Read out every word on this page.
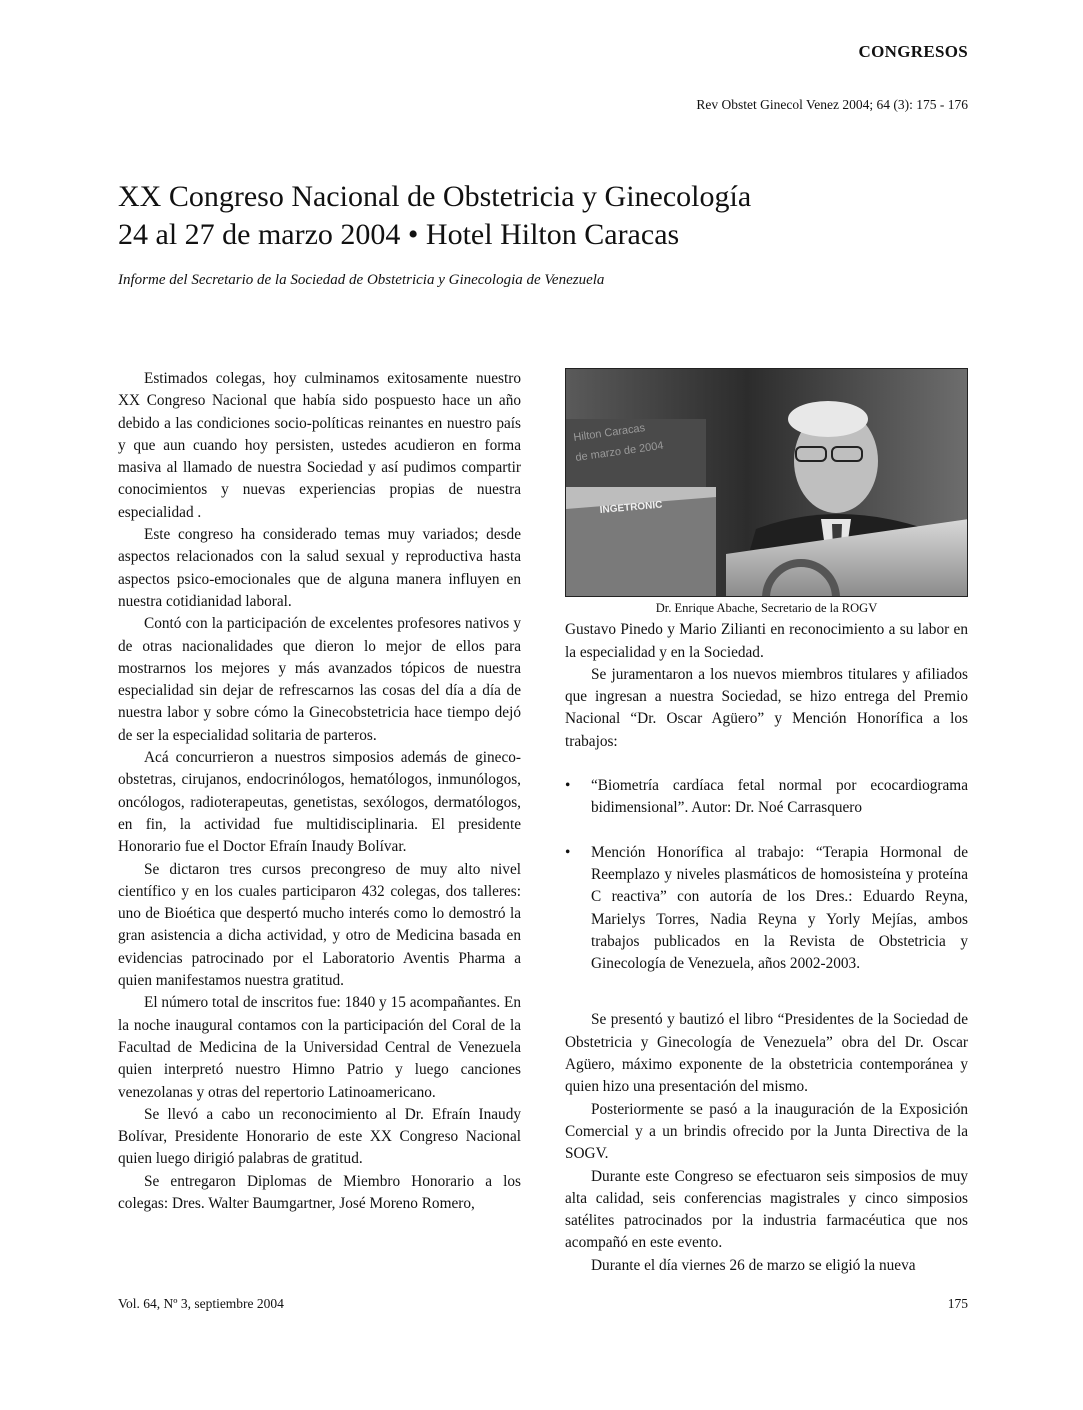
CONGRESOS
Rev Obstet Ginecol Venez 2004; 64 (3): 175 - 176
XX Congreso Nacional de Obstetricia y Ginecología
24 al 27 de marzo 2004 • Hotel Hilton Caracas
Informe del Secretario de la Sociedad de Obstetricia y Ginecologia de Venezuela

Estimados colegas, hoy culminamos exitosamente nuestro XX Congreso Nacional que había sido pospuesto hace un año debido a las condiciones socio-políticas reinantes en nuestro país y que aun cuando hoy persisten, ustedes acudieron en forma masiva al llamado de nuestra Sociedad y así pudimos compartir conocimientos y nuevas experiencias propias de nuestra especialidad .

Este congreso ha considerado temas muy variados; desde aspectos relacionados con la salud sexual y reproductiva hasta aspectos psico-emocionales que de alguna manera influyen en nuestra cotidianidad laboral.

Contó con la participación de excelentes profesores nativos y de otras nacionalidades que dieron lo mejor de ellos para mostrarnos los mejores y más avanzados tópicos de nuestra especialidad sin dejar de refrescarnos las cosas del día a día de nuestra labor y sobre cómo la Ginecobstetricia hace tiempo dejó de ser la especialidad solitaria de parteros.

Acá concurrieron a nuestros simposios además de gineco-obstetras, cirujanos, endocrinólogos, hematólogos, inmunólogos, oncólogos, radioterapeutas, genetistas, sexólogos, dermatólogos, en fin, la actividad fue multidisciplinaria. El presidente Honorario fue el Doctor Efraín Inaudy Bolívar.

Se dictaron tres cursos precongreso de muy alto nivel científico y en los cuales participaron 432 colegas, dos talleres: uno de Bioética que despertó mucho interés como lo demostró la gran asistencia a dicha actividad, y otro de Medicina basada en evidencias patrocinado por el Laboratorio Aventis Pharma a quien manifestamos nuestra gratitud.

El número total de inscritos fue: 1840 y 15 acompañantes. En la noche inaugural contamos con la participación del Coral de la Facultad de Medicina de la Universidad Central de Venezuela quien interpretó nuestro Himno Patrio y luego canciones venezolanas y otras del repertorio Latinoamericano.

Se llevó a cabo un reconocimiento al Dr. Efraín Inaudy Bolívar, Presidente Honorario de este XX Congreso Nacional quien luego dirigió palabras de gratitud.

Se entregaron Diplomas de Miembro Honorario a los colegas: Dres. Walter Baumgartner, José Moreno Romero,

Hilton Caracas
de marzo de 2004
INGETRONIC

Dr. Enrique Abache, Secretario de la ROGV

Gustavo Pinedo y Mario Zilianti en reconocimiento a su labor en la especialidad y en la Sociedad.

Se juramentaron a los nuevos miembros titulares y afiliados que ingresan a nuestra Sociedad, se hizo entrega del Premio Nacional “Dr. Oscar Agüero” y Mención Honorífica a los trabajos:

• “Biometría cardíaca fetal normal por ecocardiograma bidimensional”. Autor: Dr. Noé Carrasquero
• Mención Honorífica al trabajo: “Terapia Hormonal de Reemplazo y niveles plasmáticos de homosisteína y proteína C reactiva” con autoría de los Dres.: Eduardo Reyna, Marielys Torres, Nadia Reyna y Yorly Mejías, ambos trabajos publicados en la Revista de Obstetricia y Ginecología de Venezuela, años 2002-2003.

Se presentó y bautizó el libro “Presidentes de la Sociedad de Obstetricia y Ginecología de Venezuela” obra del Dr. Oscar Agüero, máximo exponente de la obstetricia contemporánea y quien hizo una presentación del mismo.

Posteriormente se pasó a la inauguración de la Exposición Comercial y a un brindis ofrecido por la Junta Directiva de la SOGV.

Durante este Congreso se efectuaron seis simposios de muy alta calidad, seis conferencias magistrales y cinco simposios satélites patrocinados por la industria farmacéutica que nos acompañó en este evento.

Durante el día viernes 26 de marzo se eligió la nueva

Vol. 64, Nº 3, septiembre 2004	175
